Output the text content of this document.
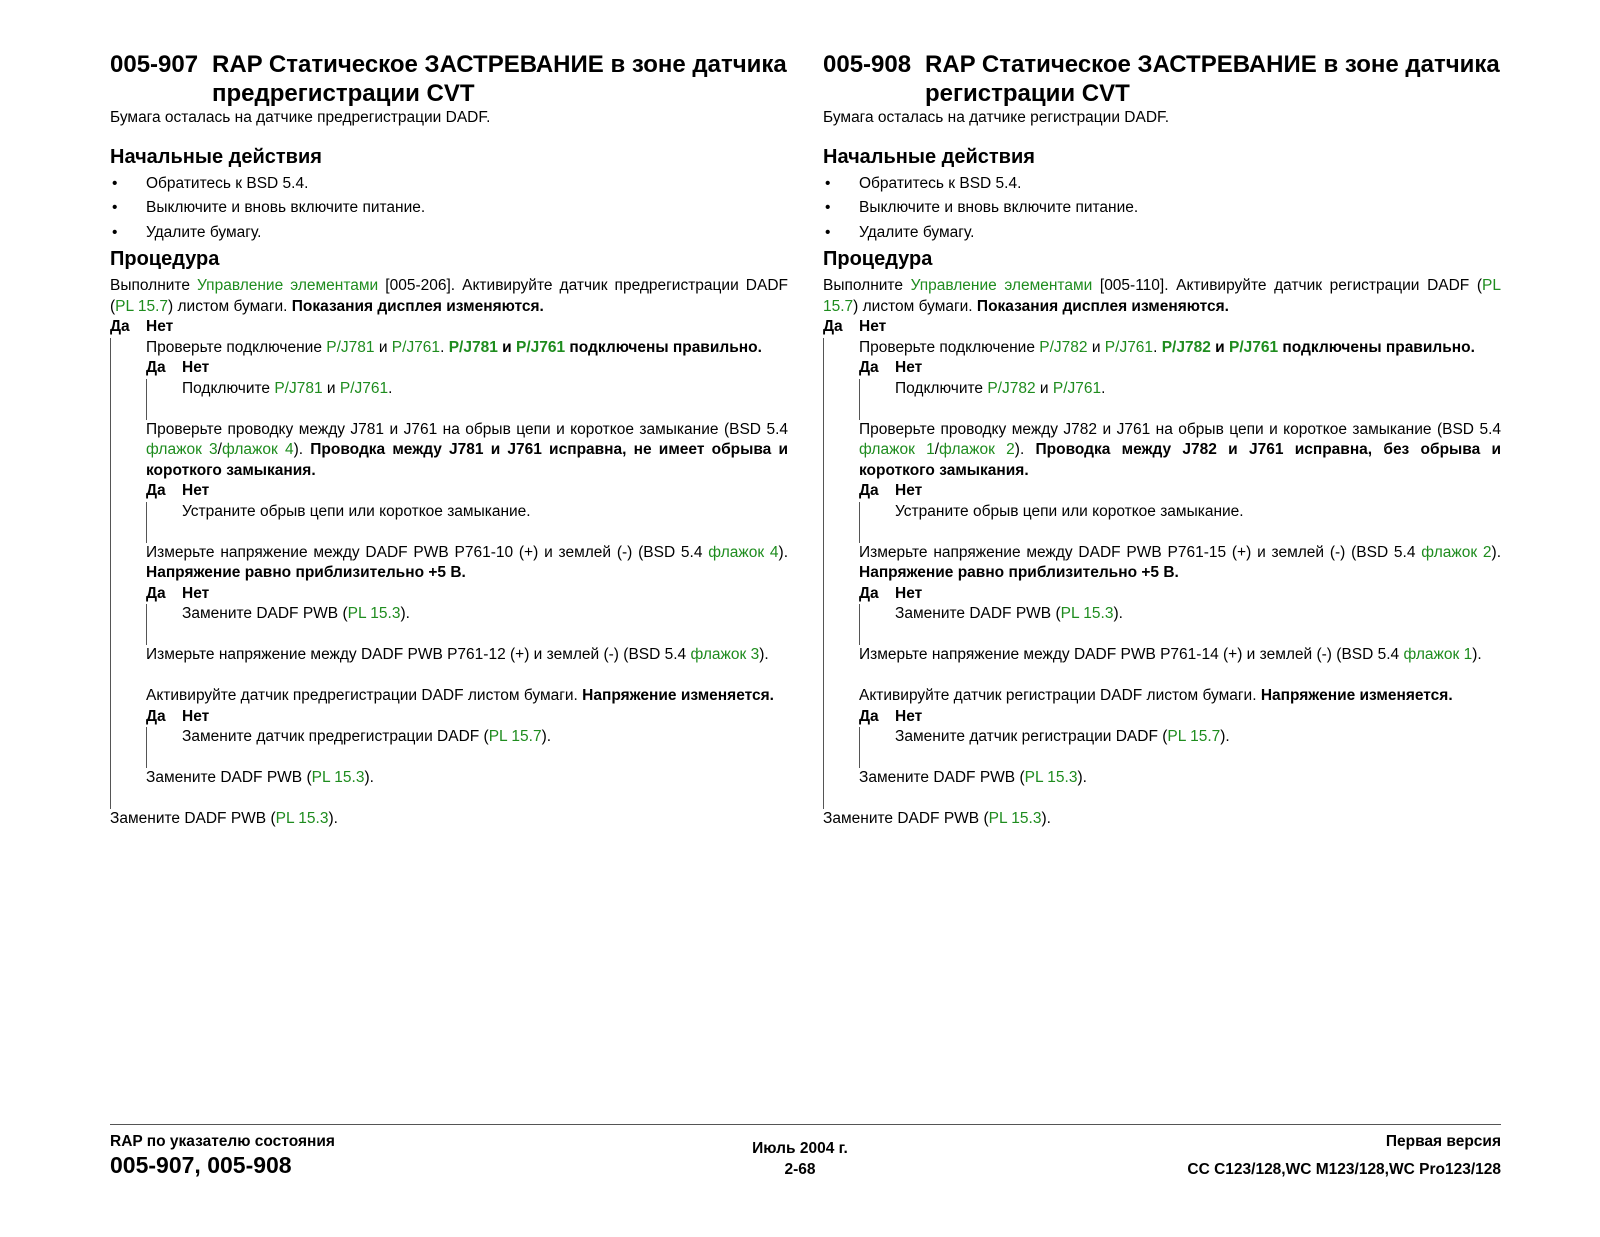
005-907 RAP Статическое ЗАСТРЕВАНИЕ в зоне датчика предрегистрации CVT

Бумага осталась на датчике предрегистрации DADF.

Начальные действия
• Обратитесь к BSD 5.4.
• Выключите и вновь включите питание.
• Удалите бумагу.
Процедура

Выполните Управление элементами [005-206]. Активируйте датчик предрегистрации DADF (PL 15.7) листом бумаги. Показания дисплея изменяются.

Да Нет

Проверьте подключение P/J781 и P/J761. P/J781 и P/J761 подключены правильно.

Да Нет

Подключите P/J781 и P/J761.

Проверьте проводку между J781 и J761 на обрыв цепи и короткое замыкание (BSD 5.4 флажок 3/флажок 4). Проводка между J781 и J761 исправна, не имеет обрыва и короткого замыкания.

Да Нет

Устраните обрыв цепи или короткое замыкание.

Измерьте напряжение между DADF PWB P761-10 (+) и землей (-) (BSD 5.4 флажок 4). Напряжение равно приблизительно +5 В.

Да Нет

Замените DADF PWB (PL 15.3).

Измерьте напряжение между DADF PWB P761-12 (+) и землей (-) (BSD 5.4 флажок 3).

Активируйте датчик предрегистрации DADF листом бумаги. Напряжение изменяется.

Да Нет

Замените датчик предрегистрации DADF (PL 15.7).

Замените DADF PWB (PL 15.3).

Замените DADF PWB (PL 15.3).

005-908 RAP Статическое ЗАСТРЕВАНИЕ в зоне датчика регистрации CVT

Бумага осталась на датчике регистрации DADF.

Начальные действия
• Обратитесь к BSD 5.4.
• Выключите и вновь включите питание.
• Удалите бумагу.
Процедура

Выполните Управление элементами [005-110]. Активируйте датчик регистрации DADF (PL 15.7) листом бумаги. Показания дисплея изменяются.

Да Нет

Проверьте подключение P/J782 и P/J761. P/J782 и P/J761 подключены правильно.

Да Нет

Подключите P/J782 и P/J761.

Проверьте проводку между J782 и J761 на обрыв цепи и короткое замыкание (BSD 5.4 флажок 1/флажок 2). Проводка между J782 и J761 исправна, без обрыва и короткого замыкания.

Да Нет

Устраните обрыв цепи или короткое замыкание.

Измерьте напряжение между DADF PWB P761-15 (+) и землей (-) (BSD 5.4 флажок 2). Напряжение равно приблизительно +5 В.

Да Нет

Замените DADF PWB (PL 15.3).

Измерьте напряжение между DADF PWB P761-14 (+) и землей (-) (BSD 5.4 флажок 1).

Активируйте датчик регистрации DADF листом бумаги. Напряжение изменяется.

Да Нет

Замените датчик регистрации DADF (PL 15.7).

Замените DADF PWB (PL 15.3).

Замените DADF PWB (PL 15.3).

RAP по указателю состояния
005-907, 005-908
Июль 2004 г.
2-68
Первая версия
CC C123/128,WC M123/128,WC Pro123/128
